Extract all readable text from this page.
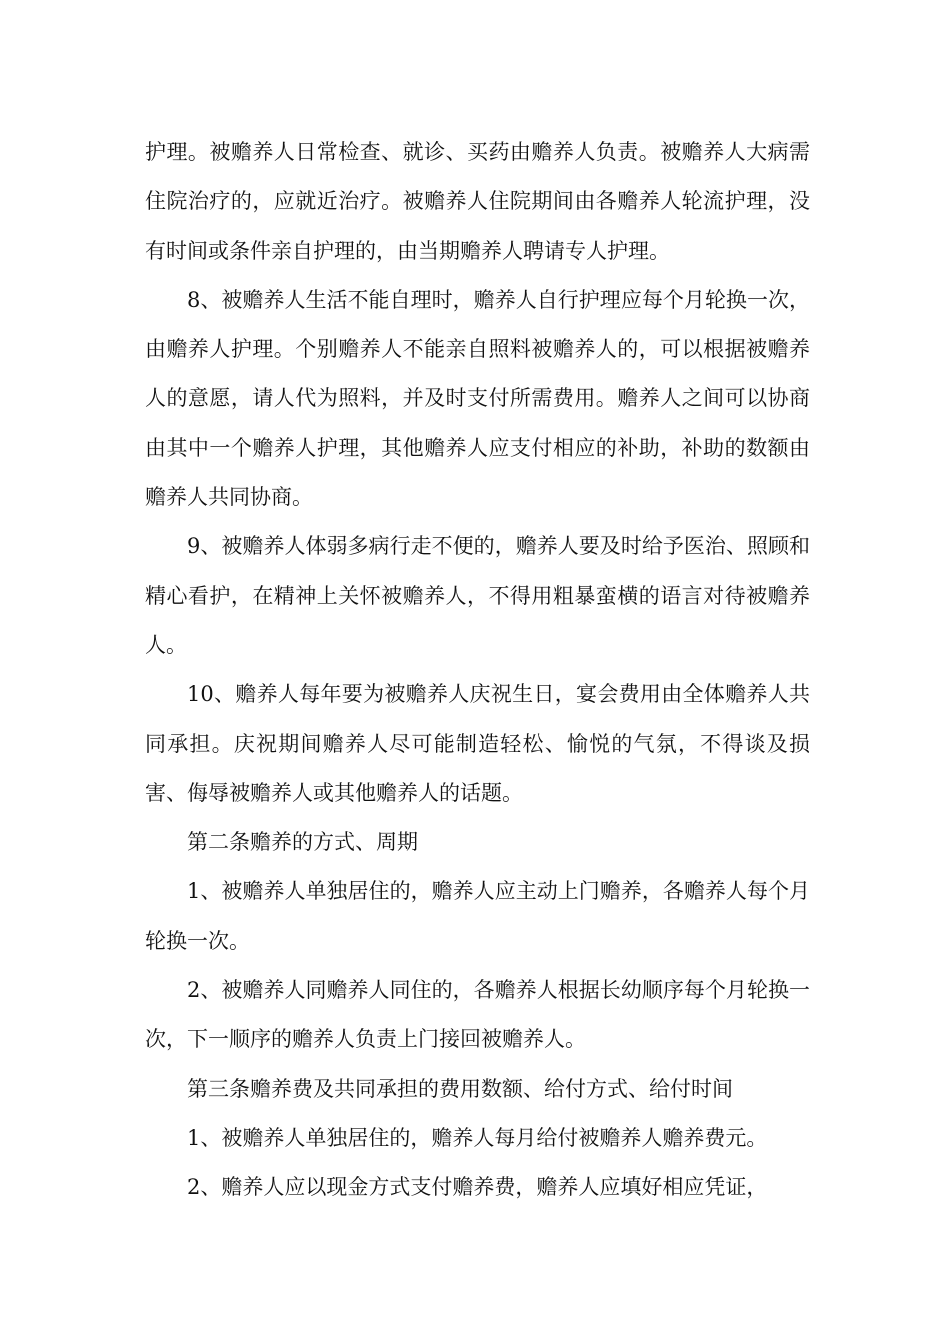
护理。被赡养人日常检查、就诊、买药由赡养人负责。被赡养人大病需住院治疗的，应就近治疗。被赡养人住院期间由各赡养人轮流护理，没有时间或条件亲自护理的，由当期赡养人聘请专人护理。

8、被赡养人生活不能自理时，赡养人自行护理应每个月轮换一次，由赡养人护理。个别赡养人不能亲自照料被赡养人的，可以根据被赡养人的意愿，请人代为照料，并及时支付所需费用。赡养人之间可以协商由其中一个赡养人护理，其他赡养人应支付相应的补助，补助的数额由赡养人共同协商。

9、被赡养人体弱多病行走不便的，赡养人要及时给予医治、照顾和精心看护，在精神上关怀被赡养人，不得用粗暴蛮横的语言对待被赡养人。

10、赡养人每年要为被赡养人庆祝生日，宴会费用由全体赡养人共同承担。庆祝期间赡养人尽可能制造轻松、愉悦的气氛，不得谈及损害、侮辱被赡养人或其他赡养人的话题。

第二条赡养的方式、周期

1、被赡养人单独居住的，赡养人应主动上门赡养，各赡养人每个月轮换一次。

2、被赡养人同赡养人同住的，各赡养人根据长幼顺序每个月轮换一次，下一顺序的赡养人负责上门接回被赡养人。

第三条赡养费及共同承担的费用数额、给付方式、给付时间

1、被赡养人单独居住的，赡养人每月给付被赡养人赡养费元。

2、赡养人应以现金方式支付赡养费，赡养人应填好相应凭证，
